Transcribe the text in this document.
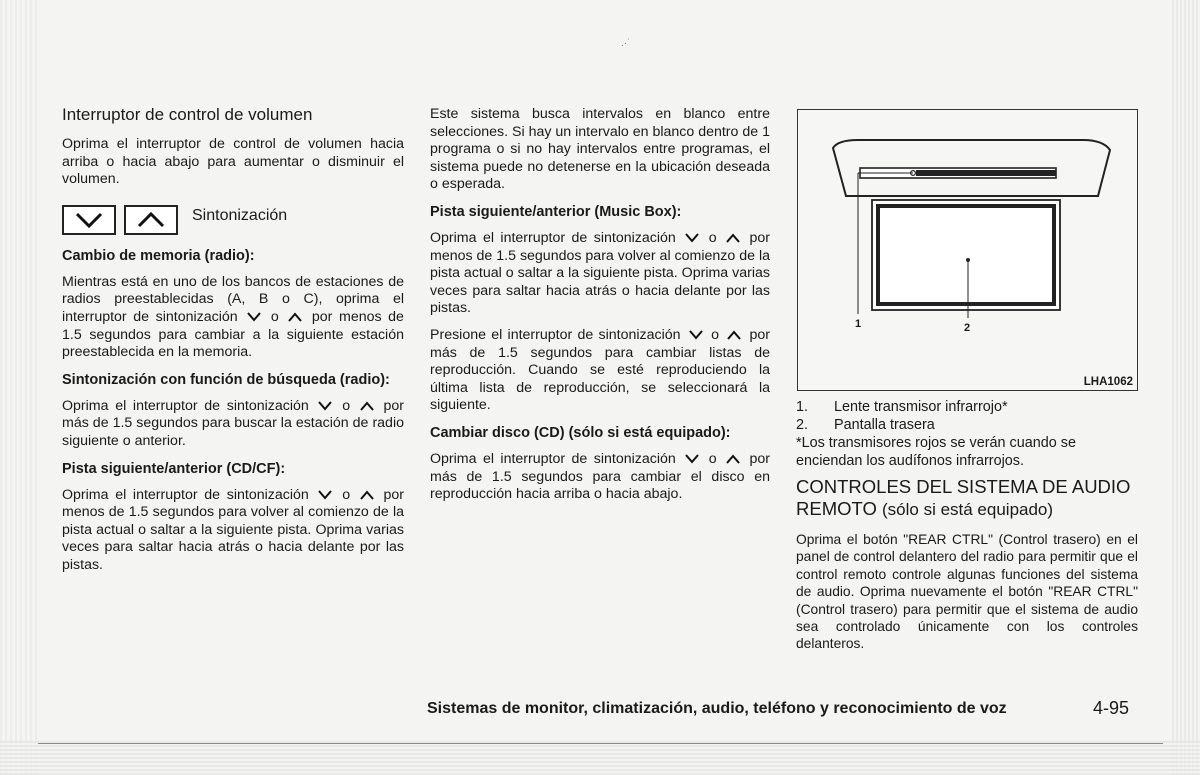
.·˙
Interruptor de control de volumen

Oprima el interruptor de control de volumen hacia arriba o hacia abajo para aumentar o disminuir el volumen.

Sintonización
Cambio de memoria (radio):

Mientras está en uno de los bancos de estaciones de radios preestablecidas (A, B o C), oprima el interruptor de sintonización o por menos de 1.5 segundos para cambiar a la siguiente estación preestablecida en la memoria.

Sintonización con función de búsqueda (radio):

Oprima el interruptor de sintonización o por más de 1.5 segundos para buscar la estación de radio siguiente o anterior.

Pista siguiente/anterior (CD/CF):

Oprima el interruptor de sintonización o por menos de 1.5 segundos para volver al comienzo de la pista actual o saltar a la siguiente pista. Oprima varias veces para saltar hacia atrás o hacia delante por las pistas.

Este sistema busca intervalos en blanco entre selecciones. Si hay un intervalo en blanco dentro de 1 programa o si no hay intervalos entre programas, el sistema puede no detenerse en la ubicación deseada o esperada.

Pista siguiente/anterior (Music Box):

Oprima el interruptor de sintonización o por menos de 1.5 segundos para volver al comienzo de la pista actual o saltar a la siguiente pista. Oprima varias veces para saltar hacia atrás o hacia delante por las pistas.

Presione el interruptor de sintonización o por más de 1.5 segundos para cambiar listas de reproducción. Cuando se esté reproduciendo la última lista de reproducción, se seleccionará la siguiente.

Cambiar disco (CD) (sólo si está equipado):

Oprima el interruptor de sintonización o por más de 1.5 segundos para cambiar el disco en reproducción hacia arriba o hacia abajo.

1	2
LHA1062
1.	Lente transmisor infrarrojo*
2.	Pantalla trasera

*Los transmisores rojos se verán cuando se enciendan los audífonos infrarrojos.

CONTROLES DEL SISTEMA DE AUDIO REMOTO (sólo si está equipado)

Oprima el botón "REAR CTRL" (Control trasero) en el panel de control delantero del radio para permitir que el control remoto controle algunas funciones del sistema de audio. Oprima nuevamente el botón "REAR CTRL" (Control trasero) para permitir que el sistema de audio sea controlado únicamente con los controles delanteros.

Sistemas de monitor, climatización, audio, teléfono y reconocimiento de voz	4-95
